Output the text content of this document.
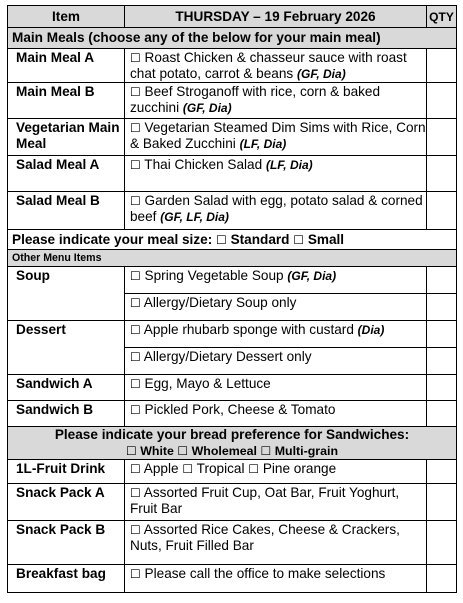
Item	THURSDAY – 19 February 2026	QTY
Main Meals (choose any of the below for your main meal)		
Main Meal A	☐ Roast Chicken & chasseur sauce with roast chat potato, carrot & beans (GF, Dia)	
Main Meal B	☐ Beef Stroganoff with rice, corn & baked zucchini (GF, Dia)	
Vegetarian Main Meal	☐ Vegetarian Steamed Dim Sims with Rice, Corn & Baked Zucchini (LF, Dia)	
Salad Meal A	☐ Thai Chicken Salad (LF, Dia)	
Salad Meal B	☐ Garden Salad with egg, potato salad & corned beef (GF, LF, Dia)	
Please indicate your meal size: ☐ Standard ☐ Small		
Other Menu Items		
Soup	☐ Spring Vegetable Soup (GF, Dia)	
	☐ Allergy/Dietary Soup only	
Dessert	☐ Apple rhubarb sponge with custard (Dia)	
	☐ Allergy/Dietary Dessert only	
Sandwich A	☐ Egg, Mayo & Lettuce	
Sandwich B	☐ Pickled Pork, Cheese & Tomato	

Please indicate your bread preference for Sandwiches:
☐ White ☐ Wholemeal ☐ Multi-grain		

1L-Fruit Drink	☐ Apple ☐ Tropical ☐ Pine orange	
Snack Pack A	☐ Assorted Fruit Cup, Oat Bar, Fruit Yoghurt, Fruit Bar	
Snack Pack B	☐ Assorted Rice Cakes, Cheese & Crackers, Nuts, Fruit Filled Bar	
Breakfast bag	☐ Please call the office to make selections	
